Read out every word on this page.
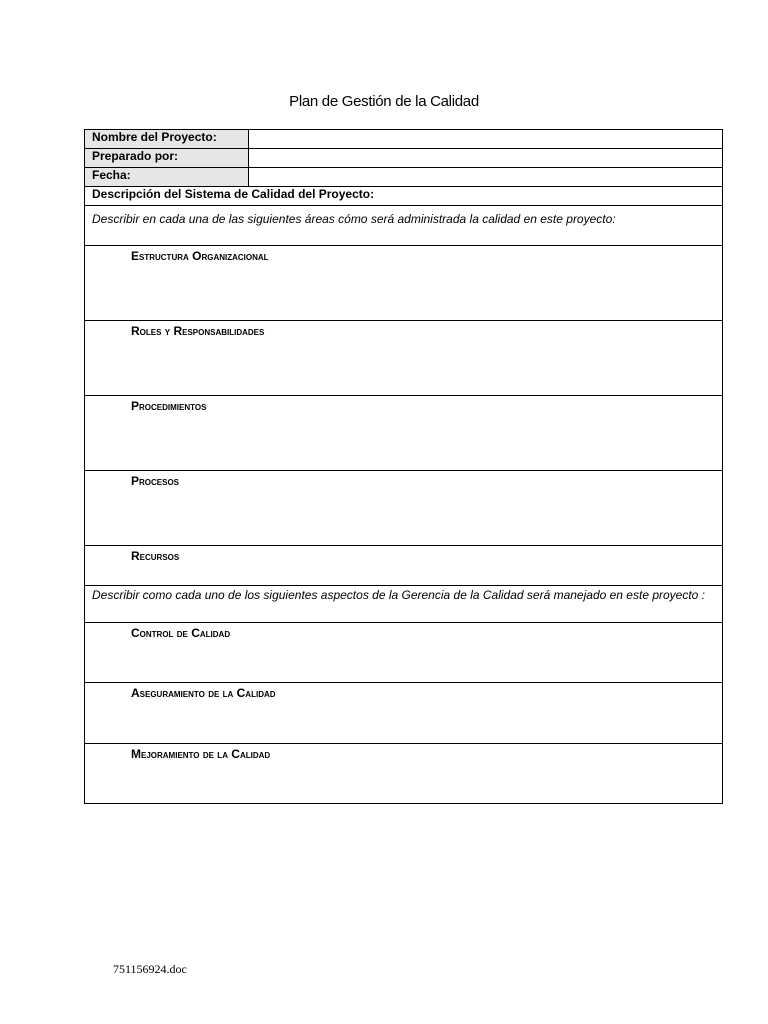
Plan de Gestión de la Calidad
Nombre del Proyecto:	
Preparado por:	
Fecha:	
Descripción del Sistema de Calidad del Proyecto:	
Describir en cada una de las siguientes áreas cómo será administrada la calidad en este proyecto:	
Estructura Organizacional	
Roles y Responsabilidades	
Procedimientos	
Procesos	
Recursos	
Describir como cada uno de los siguientes aspectos de la Gerencia de la Calidad será manejado en este proyecto :	
Control de Calidad	
Aseguramiento de la Calidad	
Mejoramiento de la Calidad	
751156924.doc
